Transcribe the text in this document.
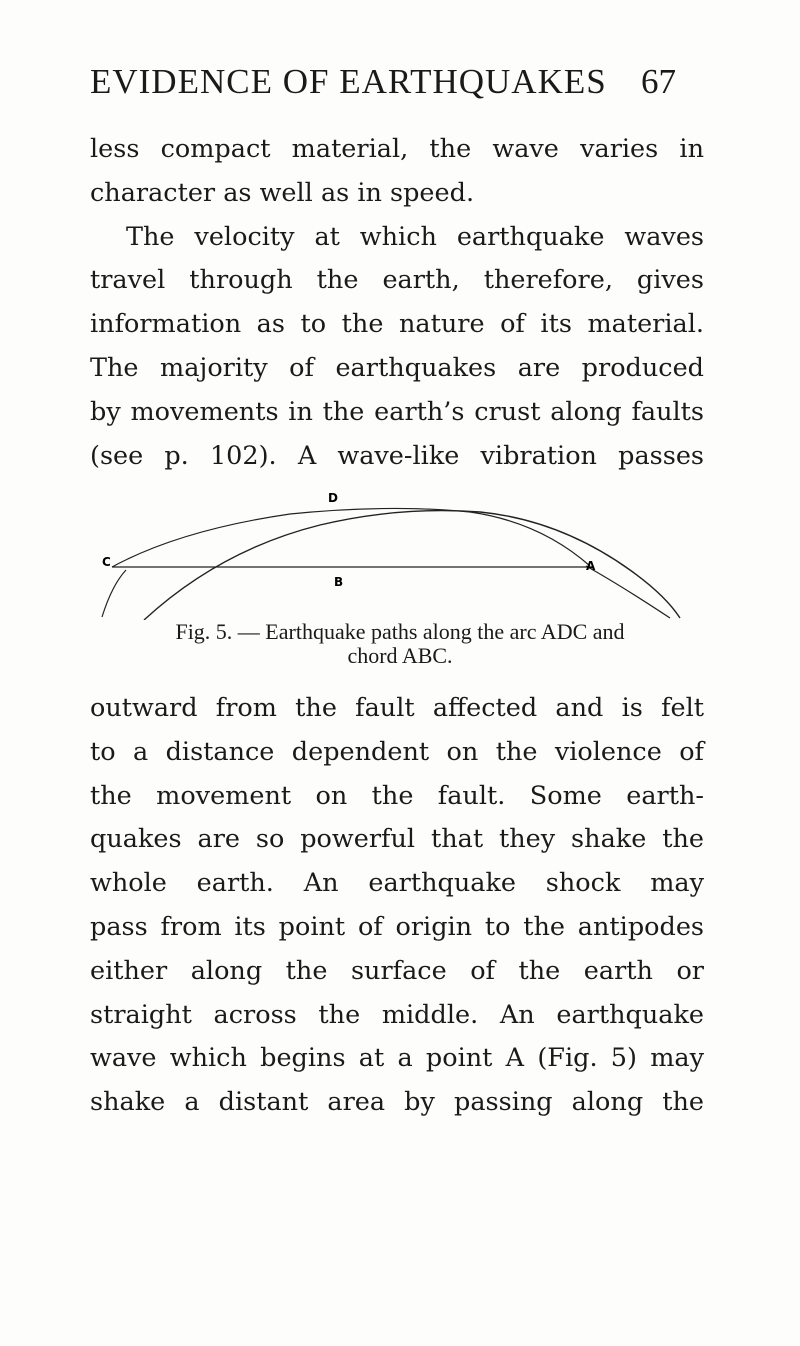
EVIDENCE OF EARTHQUAKES 67
less compact material, the wave varies in
character as well as in speed.
The velocity at which earthquake waves
travel through the earth, therefore, gives
information as to the nature of its material.
The majority of earthquakes are produced
by movements in the earth’s crust along faults
(see p. 102). A wave-like vibration passes
D
C	A
B
Fig. 5. — Earthquake paths along the arc ADC and
chord ABC.
outward from the fault affected and is felt
to a distance dependent on the violence of
the movement on the fault. Some earth-
quakes are so powerful that they shake the
whole earth. An earthquake shock may
pass from its point of origin to the antipodes
either along the surface of the earth or
straight across the middle. An earthquake
wave which begins at a point A (Fig. 5) may
shake a distant area by passing along the
